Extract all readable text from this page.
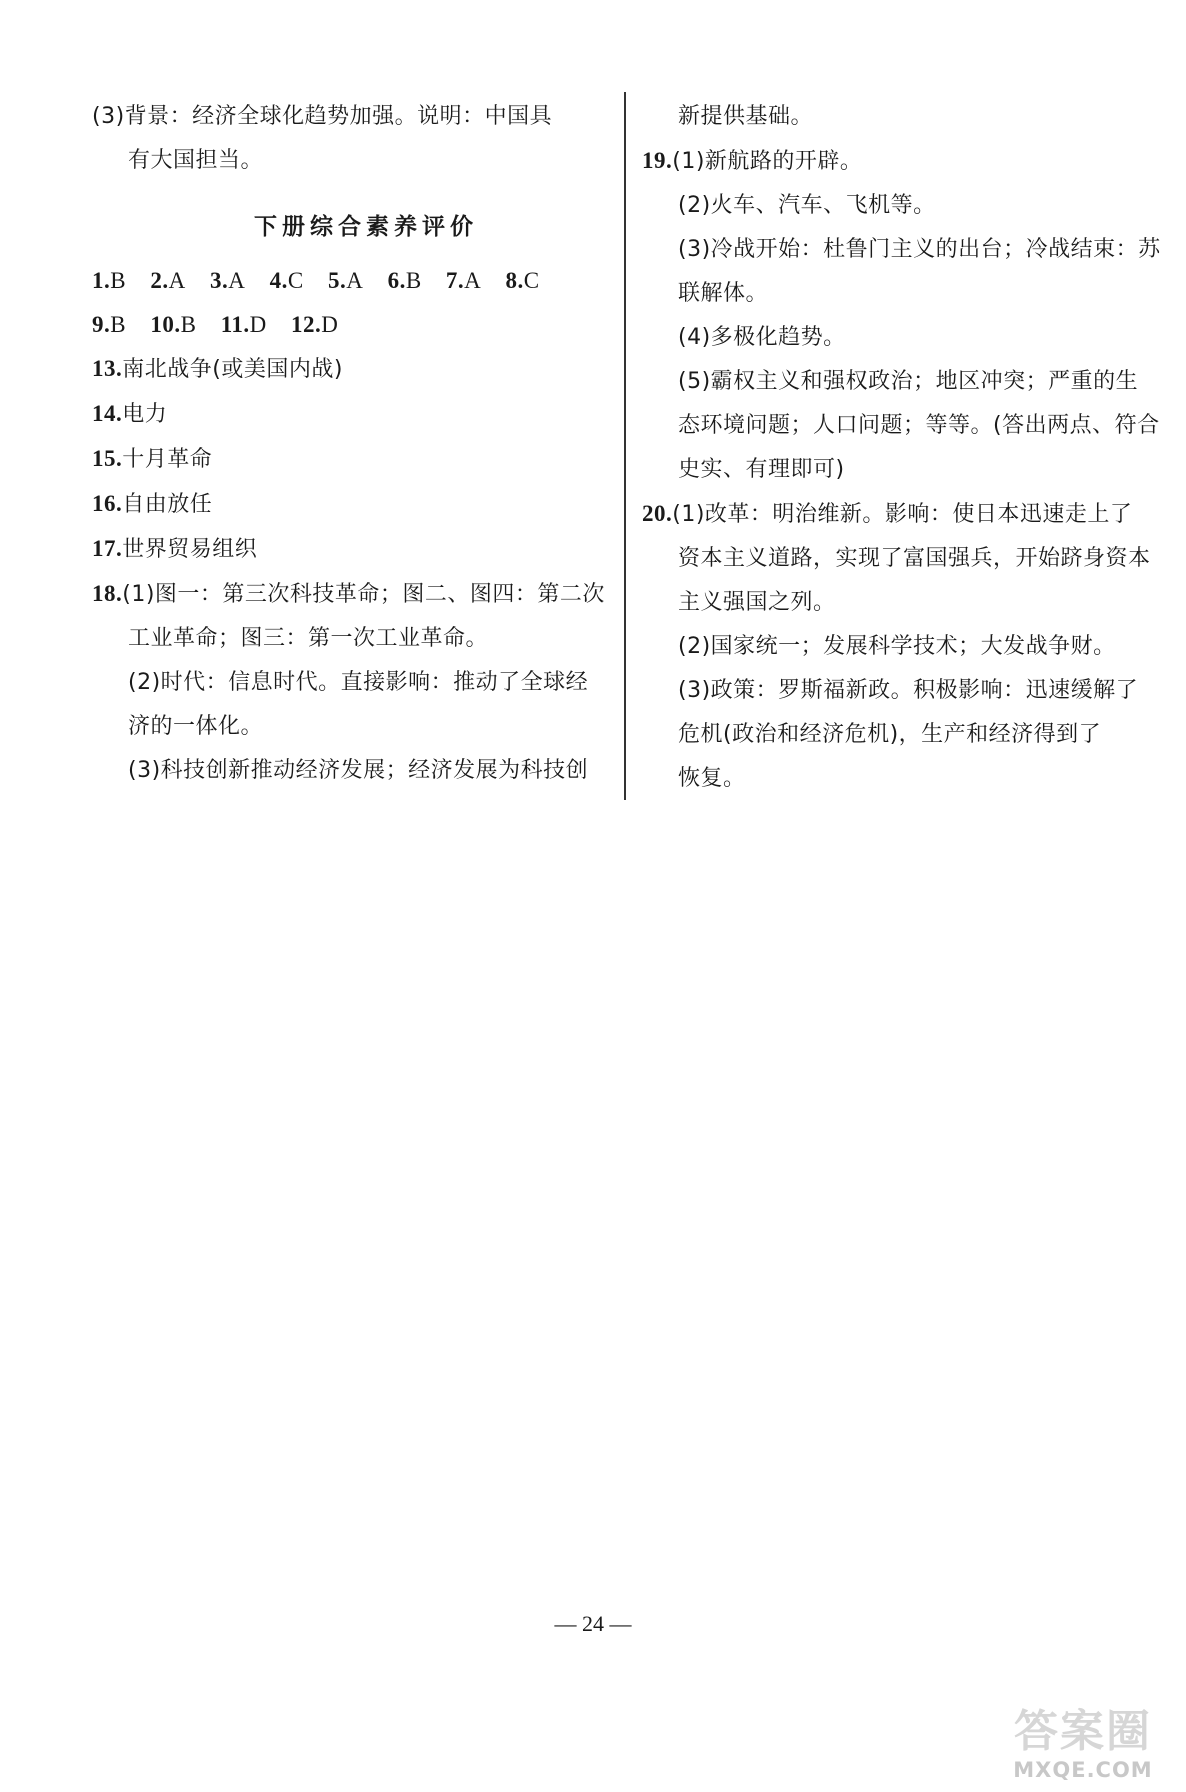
(3)背景：经济全球化趋势加强。说明：中国具
有大国担当。
下册综合素养评价
1.B 2.A 3.A 4.C 5.A 6.B 7.A 8.C
9.B 10.B 11.D 12.D
13.南北战争(或美国内战)
14.电力
15.十月革命
16.自由放任
17.世界贸易组织
18.(1)图一：第三次科技革命；图二、图四：第二次
工业革命；图三：第一次工业革命。
(2)时代：信息时代。直接影响：推动了全球经
济的一体化。
(3)科技创新推动经济发展；经济发展为科技创
新提供基础。
19.(1)新航路的开辟。
(2)火车、汽车、飞机等。
(3)冷战开始：杜鲁门主义的出台；冷战结束：苏
联解体。
(4)多极化趋势。
(5)霸权主义和强权政治；地区冲突；严重的生
态环境问题；人口问题；等等。(答出两点、符合
史实、有理即可)
20.(1)改革：明治维新。影响：使日本迅速走上了
资本主义道路，实现了富国强兵，开始跻身资本
主义强国之列。
(2)国家统一；发展科学技术；大发战争财。
(3)政策：罗斯福新政。积极影响：迅速缓解了
危机(政治和经济危机)，生产和经济得到了
恢复。
— 24 —
答案圈
MXQE.COM
